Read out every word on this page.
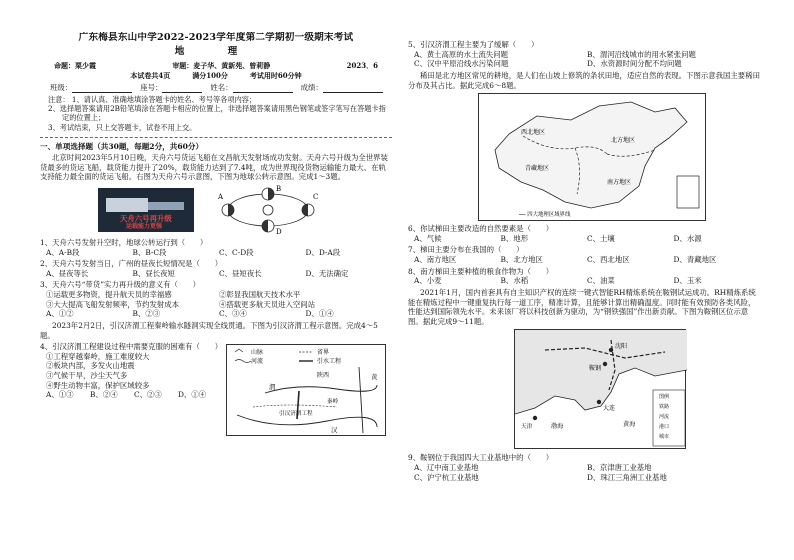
广东梅县东山中学2022-2023学年度第二学期初一级期末考试
地 理
命题：栗少霞	审题：麦子华、黄新苑、曾莉静	2023．6
本试卷共4页	满分100分	考试用时60分钟
班级：	座号：	姓名：	成绩：
注意： 1、请认真、准确地填涂答题卡的姓名、考号等各项内容；
2、选择题答案请用2B铅笔填涂在答题卡相应的位置上，非选择题答案请用黑色钢笔或签字笔写在答题卡指定的位置上；
3、考试结束，只上交答题卡，试卷不用上交。
一、单项选择题（共30题，每题2分，共60分）

北京时间2023年5月10日晚，天舟六号货运飞船在文昌航天发射场成功发射。天舟六号升级为全世界装货最多的货运飞船，载货能力提升了20%，载货能力达到了7.4吨，成为世界现役货物运输能力最大、在轨支持能力最全面的货运飞船。右图为天舟六号示意图，下图为地球公转示意图。完成1～3题。

天舟六号再升级
运载能力更强
A
B
C
D
1、天舟六号发射升空时，地球公转运行到（　　）
A、A-B段	B、B-C段	C、C-D段	D、D-A段
2、天舟六号发射当日，广州的昼夜长短情况是（　　）
A、昼夜等长	B、昼长夜短	C、昼短夜长	D、无法确定
3、天舟六号“带货”实力再升级的意义有（　　）
①运载更多物资，提升航天员的幸福感	②彰显我国航天技术水平
③大大提高飞船发射频率，节约发射成本	④搭载更多航天员进入空间站
A、①②	B、②③	C、③④	D、①④

2023年2月2日，引汉济渭工程秦岭输水隧洞实现全线贯通。下图为引汉济渭工程示意图。完成4～5题。

4、引汉济渭工程建设过程中需要克服的困难有（　　）
①工程穿越秦岭，施工难度较大
②板块内部，多发火山地震
③气候干旱，沙尘天气多
④野生动物丰富，保护区域较多
A、①③	B、②④	C、②③	D、①④
山脉	省界
河流	引水工程
渭
黄
汉
引汉济渭工程
秦岭
陕西
5、引汉济渭工程主要为了缓解（　　）
A、黄土高原的水土流失问题	B、渭河沿线城市的用水紧张问题
C、汉中平原沿线水污染问题	D、水资源时间分配不均问题

稀田是北方地区常见的耕地，是人们在山坡上修筑的条状田地，适应自然的表现。下图示意我国主要稀田分布及其占比。据此完成6～8题。

西北地区
青藏地区
北方地区
南方地区
── 四大地理区域界线
6、你试梯田主要改造的自然要素是（　　）
A、气候	B、地形	C、土壤	D、水源
7、梯田主要分布在我国的（　　）
A、南方地区	B、北方地区	C、西北地区	D、青藏地区
8、南方梯田主要种植的粮食作物为（　　）
A、小麦	B、水稻	C、油菜	D、玉米

2021年1月，国内首套具有自主知识产权的连续一键式智能RH精炼系统在鞍钢试运成功。RH精炼系统能在精炼过程中一键重复执行每一道工序，精准计算，且能够计算出精确温度。同时能有效预防各类风险，性能达到国际领先水平。未来该厂将以科技创新为驱动，为“钢铁强国”作出新贡献。下图为鞍钢区位示意图。据此完成9～11题。

沈阳
鞍钢
大连
渤海	黄海
天津
图例
铁路
河流
港口
城市
9、鞍钢位于我国四大工业基地中的（　　）
A、辽中南工业基地	B、京津唐工业基地
C、沪宁杭工业基地	D、珠江三角洲工业基地
